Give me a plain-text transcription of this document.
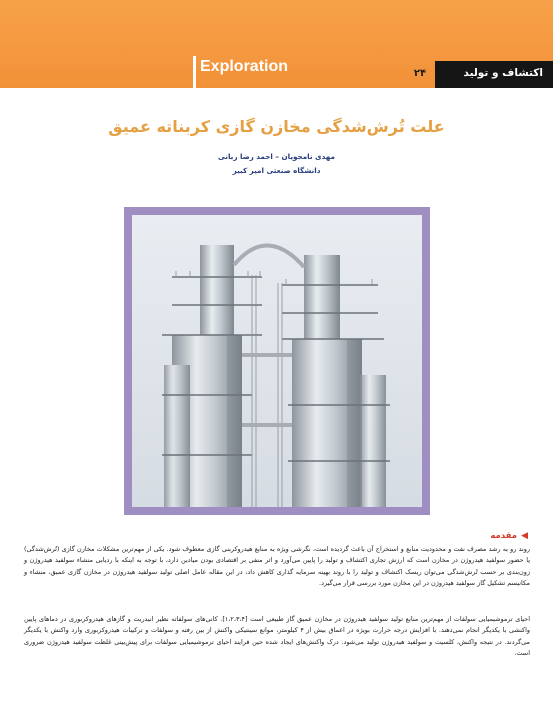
Exploration	۲۴	اکتشاف و تولید
علت تُرش‌شدگی مخازن گازی کربناته عمیق
مهدی نامجویان – احمد رضا ربانی
دانشگاه صنعتی امیر کبیر
◀
مقدمه

روند رو به رشد مصرف نفت و محدودیت منابع و استخراج آن باعث گردیده است، نگرشی ویژه به منابع هیدروکربنی گازی معطوف شود. یکی از مهم‌ترین مشکلات مخازن گازی (تُرش‌شدگی) یا حضور سولفید هیدروژن در مخازن است که ارزش تجاری اکتشاف و تولید را پایین می‌آورد و اثر منفی بر اقتصادی بودن میادین دارد، با توجه به اینکه با ردیابی منشاء سولفید هیدروژن و زون‌بندی بر حسب تُرش‌شدگی می‌توان ریسک اکتشاف و تولید را با روند بهینه سرمایه گذاری کاهش داد، در این مقاله عامل اصلی تولید سولفید هیدروژن در مخازن گازی عمیق، منشاء و مکانیسم تشکیل گاز سولفید هیدروژن در این مخازن مورد بررسی قرار می‌گیرد.

احیای ترموشیمیایی سولفات از مهم‌ترین منابع تولید سولفید هیدروژن در مخازن عمیق گاز طبیعی است [۱،۲،۳،۴]. کانی‌های سولفاته نظیر انیدریت و گازهای هیدروکربوری در دماهای پایین واکنشی با یکدیگر انجام نمی‌دهند. با افزایش درجه حرارت بویژه در اعماق بیش از ۴ کیلومتر، موانع سینتیکی واکنش از بین رفته و سولفات و ترکیبات هیدروکربوری وارد واکنش با یکدیگر می‌گردند. در نتیجه واکنش، کلسیت و سولفید هیدروژن تولید می‌شود. درک واکنش‌های ایجاد شده حین فرایند احیای ترموشیمیایی سولفات برای پیش‌بینی غلظت سولفید هیدروژن ضروری است.
